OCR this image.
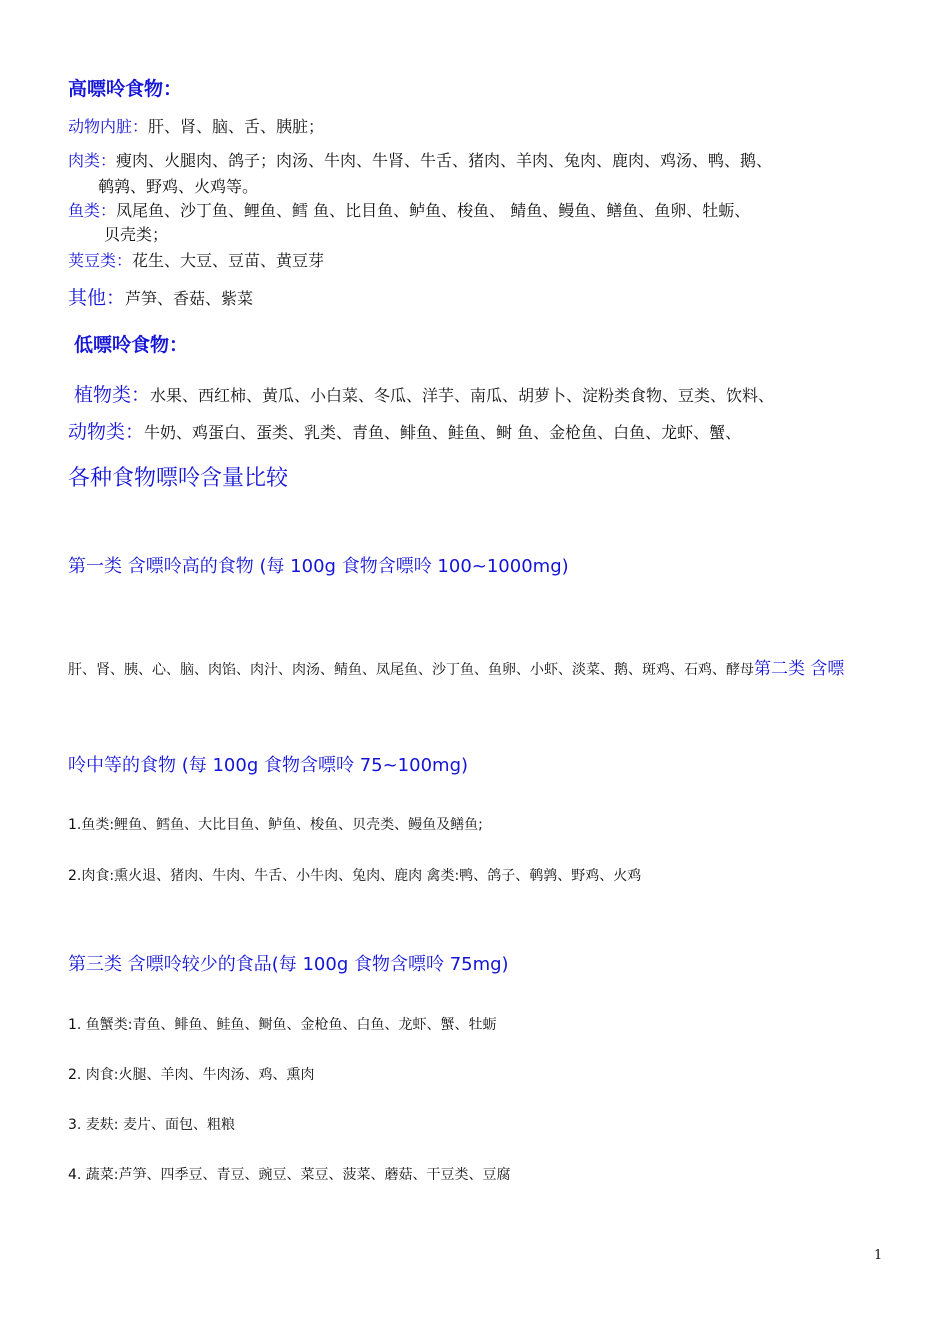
高嘌呤食物：
动物内脏：肝、肾、脑、舌、胰脏；
肉类：瘦肉、火腿肉、鸽子；肉汤、牛肉、牛肾、牛舌、猪肉、羊肉、兔肉、鹿肉、鸡汤、鸭、鹅、
鹌鹑、野鸡、火鸡等。
鱼类：凤尾鱼、沙丁鱼、鲤鱼、鳕 鱼、比目鱼、鲈鱼、梭鱼、 鲭鱼、鳗鱼、鳝鱼、鱼卵、牡蛎、
贝壳类；
荚豆类：花生、大豆、豆苗、黄豆芽
其他：芦笋、香菇、紫菜
低嘌呤食物：
植物类：水果、西红柿、黄瓜、小白菜、冬瓜、洋芋、南瓜、胡萝卜、淀粉类食物、豆类、饮料、
动物类：牛奶、鸡蛋白、蛋类、乳类、青鱼、鲱鱼、鲑鱼、鲥 鱼、金枪鱼、白鱼、龙虾、蟹、
各种食物嘌呤含量比较
第一类 含嘌呤高的食物 (每 100g 食物含嘌呤 100~1000mg)
肝、肾、胰、心、脑、肉馅、肉汁、肉汤、鲭鱼、凤尾鱼、沙丁鱼、鱼卵、小虾、淡菜、鹅、斑鸡、石鸡、酵母第二类 含嘌
呤中等的食物 (每 100g 食物含嘌呤 75~100mg)
1.鱼类:鲤鱼、鳕鱼、大比目鱼、鲈鱼、梭鱼、贝壳类、鳗鱼及鳝鱼;
2.肉食:熏火退、猪肉、牛肉、牛舌、小牛肉、兔肉、鹿肉 禽类:鸭、鸽子、鹌鹑、野鸡、火鸡
第三类 含嘌呤较少的食品(每 100g 食物含嘌呤 75mg)
1. 鱼蟹类:青鱼、鲱鱼、鲑鱼、鲥鱼、金枪鱼、白鱼、龙虾、蟹、牡蛎
2. 肉食:火腿、羊肉、牛肉汤、鸡、熏肉
3. 麦麸: 麦片、面包、粗粮
4. 蔬菜:芦笋、四季豆、青豆、豌豆、菜豆、菠菜、蘑菇、干豆类、豆腐
1
